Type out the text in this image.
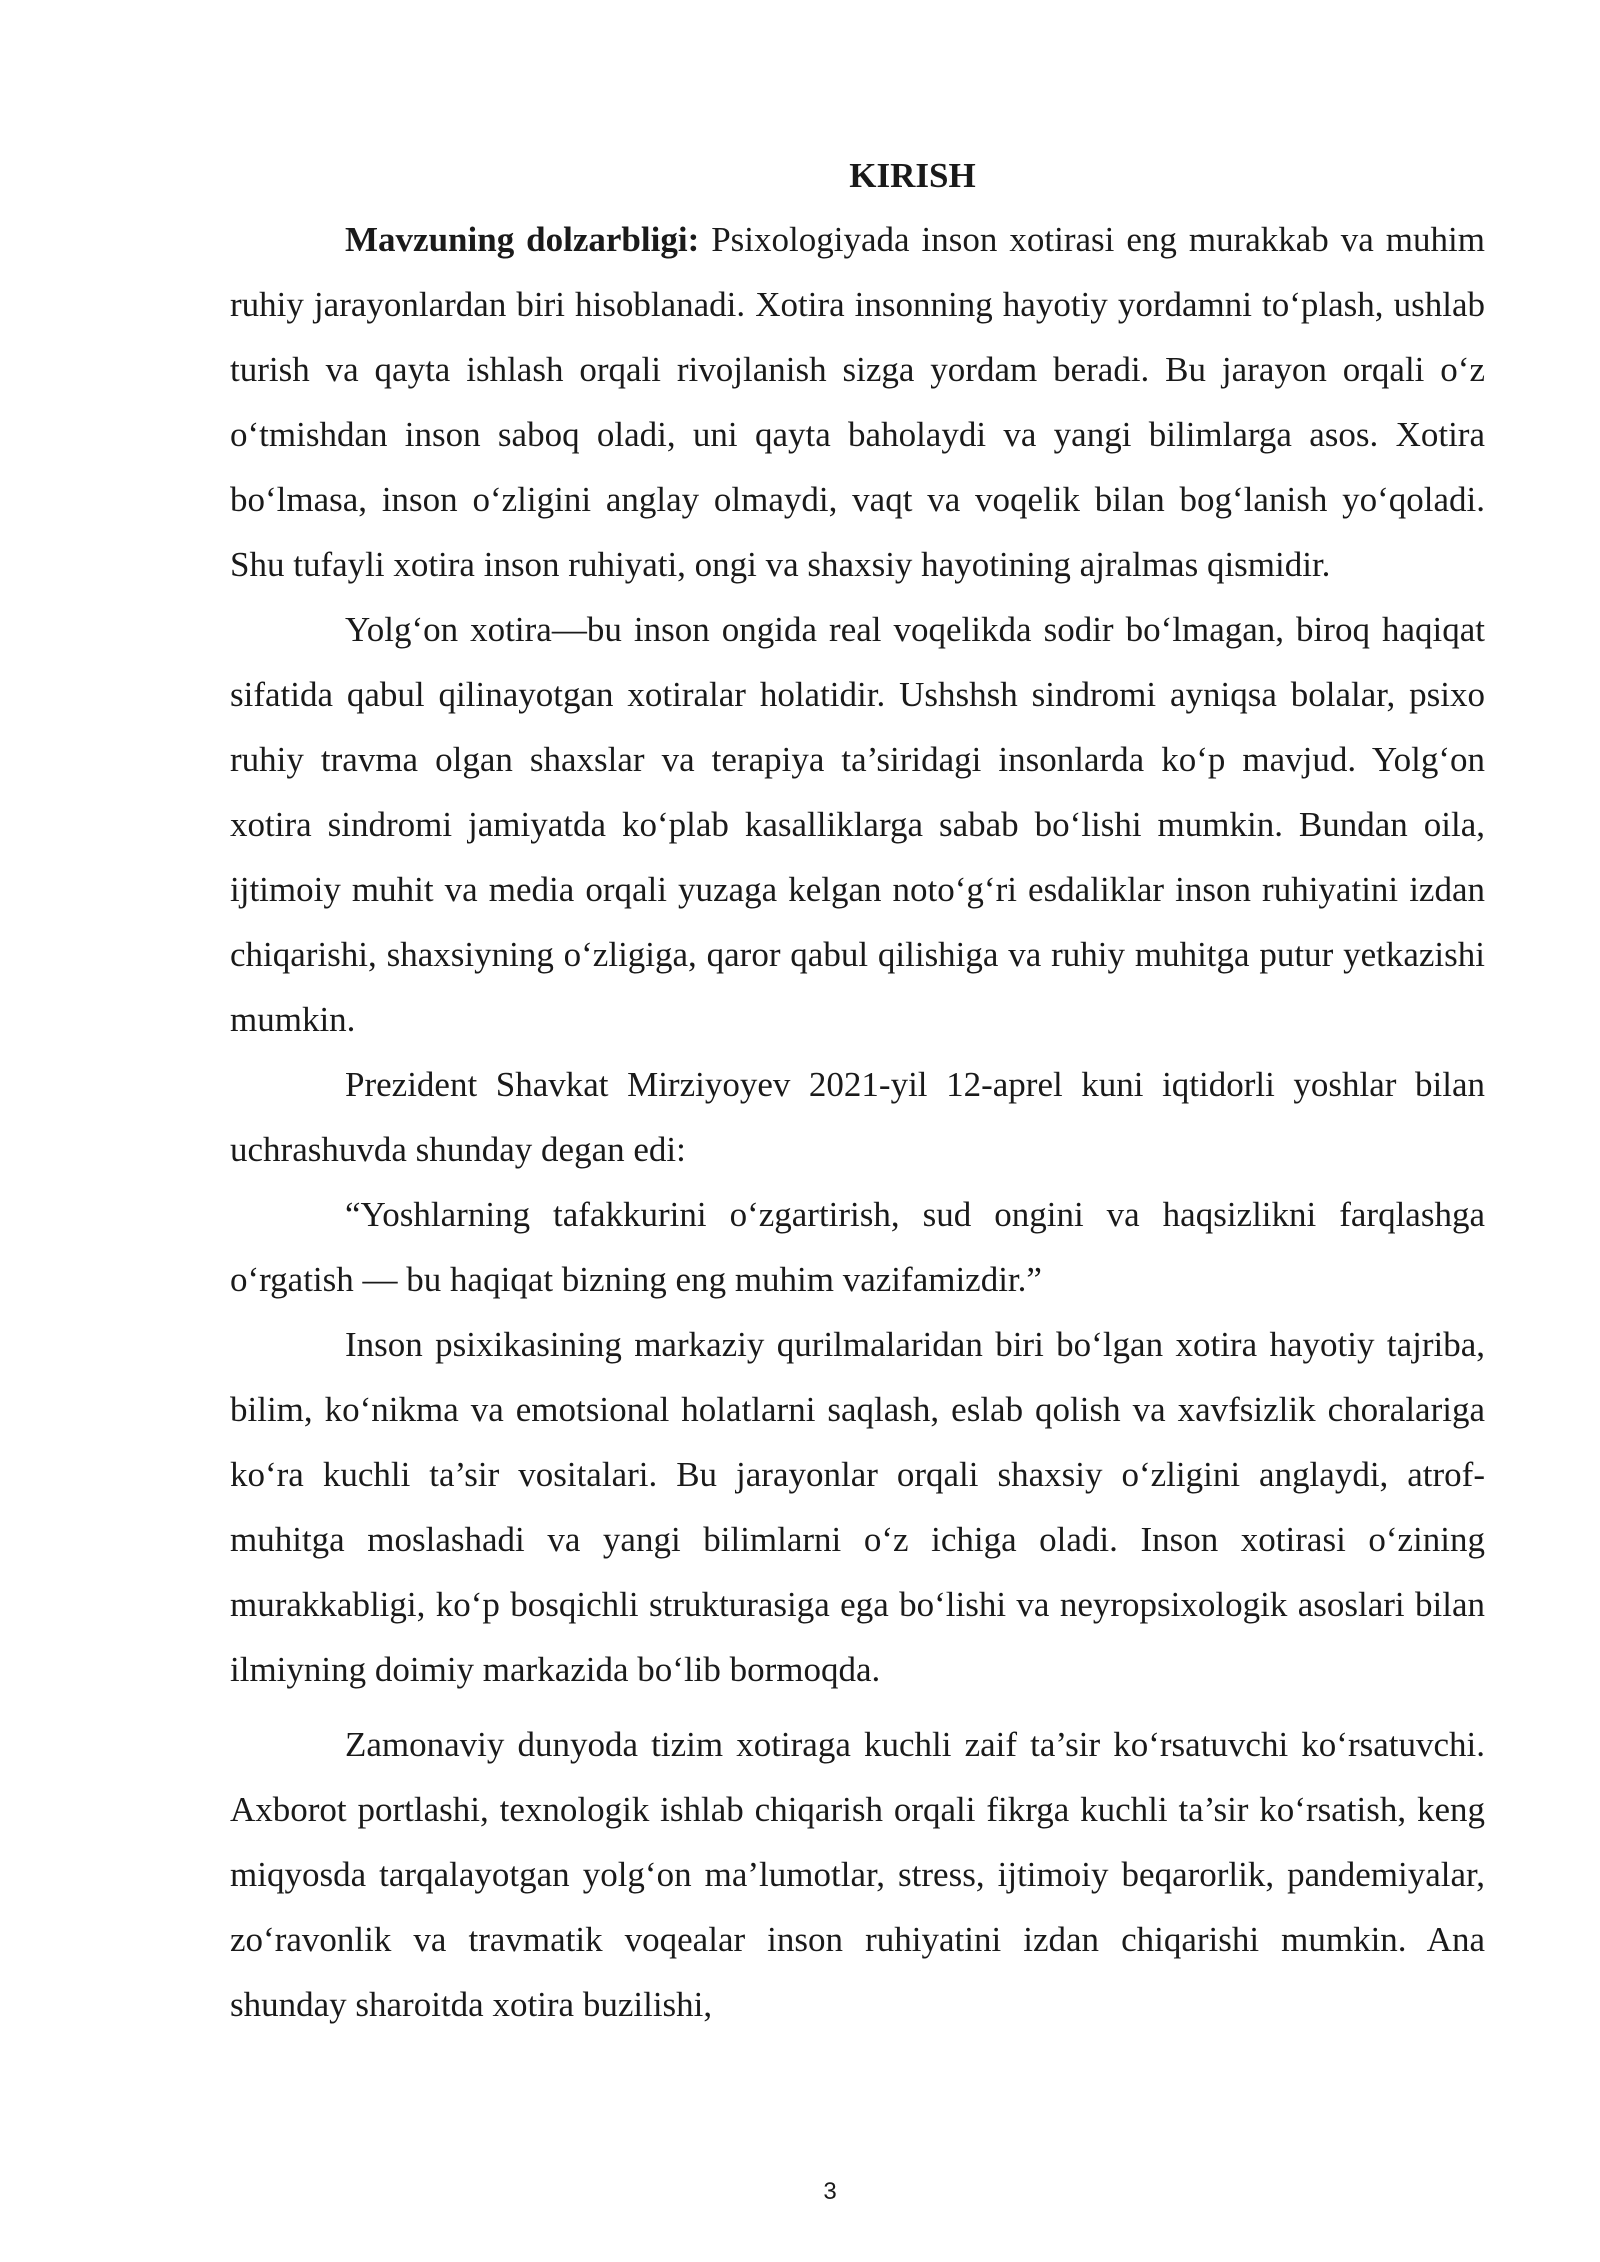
KIRISH

Mavzuning dolzarbligi: Psixologiyada inson xotirasi eng murakkab va muhim ruhiy jarayonlardan biri hisoblanadi. Xotira insonning hayotiy yordamni to‘plash, ushlab turish va qayta ishlash orqali rivojlanish sizga yordam beradi. Bu jarayon orqali o‘z o‘tmishdan inson saboq oladi, uni qayta baholaydi va yangi bilimlarga asos. Xotira bo‘lmasa, inson o‘zligini anglay olmaydi, vaqt va voqelik bilan bog‘lanish yo‘qoladi. Shu tufayli xotira inson ruhiyati, ongi va shaxsiy hayotining ajralmas qismidir.

Yolg‘on xotira—bu inson ongida real voqelikda sodir bo‘lmagan, biroq haqiqat sifatida qabul qilinayotgan xotiralar holatidir. Ushshsh sindromi ayniqsa bolalar, psixo ruhiy travma olgan shaxslar va terapiya ta’siridagi insonlarda ko‘p mavjud. Yolg‘on xotira sindromi jamiyatda ko‘plab kasalliklarga sabab bo‘lishi mumkin. Bundan oila, ijtimoiy muhit va media orqali yuzaga kelgan noto‘g‘ri esdaliklar inson ruhiyatini izdan chiqarishi, shaxsiyning o‘zligiga, qaror qabul qilishiga va ruhiy muhitga putur yetkazishi mumkin.

Prezident Shavkat Mirziyoyev 2021-yil 12-aprel kuni iqtidorli yoshlar bilan uchrashuvda shunday degan edi:

“Yoshlarning tafakkurini o‘zgartirish, sud ongini va haqsizlikni farqlashga o‘rgatish — bu haqiqat bizning eng muhim vazifamizdir.”

Inson psixikasining markaziy qurilmalaridan biri bo‘lgan xotira hayotiy tajriba, bilim, ko‘nikma va emotsional holatlarni saqlash, eslab qolish va xavfsizlik choralariga ko‘ra kuchli ta’sir vositalari. Bu jarayonlar orqali shaxsiy o‘zligini anglaydi, atrof-muhitga moslashadi va yangi bilimlarni o‘z ichiga oladi. Inson xotirasi o‘zining murakkabligi, ko‘p bosqichli strukturasiga ega bo‘lishi va neyropsixologik asoslari bilan ilmiyning doimiy markazida bo‘lib bormoqda.

Zamonaviy dunyoda tizim xotiraga kuchli zaif ta’sir ko‘rsatuvchi ko‘rsatuvchi. Axborot portlashi, texnologik ishlab chiqarish orqali fikrga kuchli ta’sir ko‘rsatish, keng miqyosda tarqalayotgan yolg‘on ma’lumotlar, stress, ijtimoiy beqarorlik, pandemiyalar, zo‘ravonlik va travmatik voqealar inson ruhiyatini izdan chiqarishi mumkin. Ana shunday sharoitda xotira buzilishi,

3
